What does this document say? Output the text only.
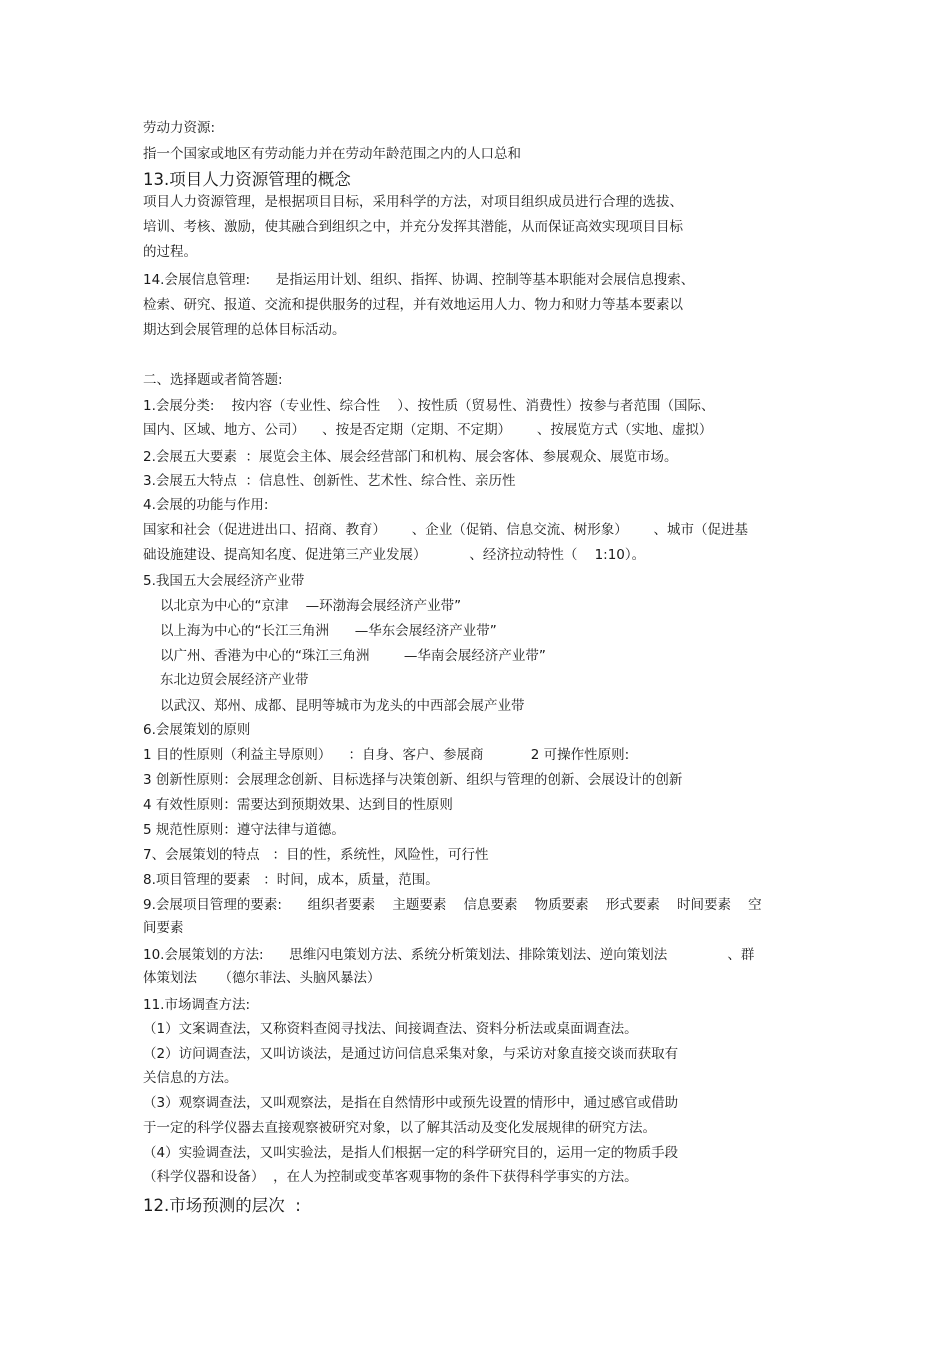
劳动力资源:
指一个国家或地区有劳动能力并在劳动年龄范围之内的人口总和
13.项目人力资源管理的概念
项目人力资源管理，是根据项目目标，采用科学的方法，对项目组织成员进行合理的选拔、
培训、考核、激励，使其融合到组织之中，并充分发挥其潜能，从而保证高效实现项目目标
的过程。
14.会展信息管理:      是指运用计划、组织、指挥、协调、控制等基本职能对会展信息搜索、
检索、研究、报道、交流和提供服务的过程，并有效地运用人力、物力和财力等基本要素以
期达到会展管理的总体目标活动。
二、选择题或者简答题:
1.会展分类:    按内容（专业性、综合性    ）、按性质（贸易性、消费性）按参与者范围（国际、
国内、区域、地方、公司）    、按是否定期（定期、不定期）      、按展览方式（实地、虚拟）
2.会展五大要素  ：展览会主体、展会经营部门和机构、展会客体、参展观众、展览市场。
3.会展五大特点  ：信息性、创新性、艺术性、综合性、亲历性
4.会展的功能与作用:
国家和社会（促进进出口、招商、教育）      、企业（促销、信息交流、树形象）      、城市（促进基
础设施建设、提高知名度、促进第三产业发展）          、经济拉动特性（    1:10）。
5.我国五大会展经济产业带
以北京为中心的“京津    —环渤海会展经济产业带”
以上海为中心的“长江三角洲      —华东会展经济产业带”
以广州、香港为中心的“珠江三角洲        —华南会展经济产业带”
东北边贸会展经济产业带
以武汉、郑州、成都、昆明等城市为龙头的中西部会展产业带
6.会展策划的原则
1 目的性原则（利益主导原则）    ：自身、客户、参展商           2 可操作性原则:
3 创新性原则：会展理念创新、目标选择与决策创新、组织与管理的创新、会展设计的创新
4 有效性原则：需要达到预期效果、达到目的性原则
5 规范性原则：遵守法律与道德。
7、会展策划的特点   ：目的性，系统性，风险性，可行性
8.项目管理的要素   ：时间，成本，质量，范围。
9.会展项目管理的要素:      组织者要素    主题要素    信息要素    物质要素    形式要素    时间要素    空
间要素
10.会展策划的方法:      思维闪电策划方法、系统分析策划法、排除策划法、逆向策划法              、群
体策划法     （德尔菲法、头脑风暴法）
11.市场调查方法:
（1）文案调查法，又称资料查阅寻找法、间接调查法、资料分析法或桌面调查法。
（2）访问调查法，又叫访谈法，是通过访问信息采集对象，与采访对象直接交谈而获取有
关信息的方法。
（3）观察调查法，又叫观察法，是指在自然情形中或预先设置的情形中，通过感官或借助
于一定的科学仪器去直接观察被研究对象，以了解其活动及变化发展规律的研究方法。
（4）实验调查法，又叫实验法，是指人们根据一定的科学研究目的，运用一定的物质手段
（科学仪器和设备）  ，在人为控制或变革客观事物的条件下获得科学事实的方法。
12.市场预测的层次  :
